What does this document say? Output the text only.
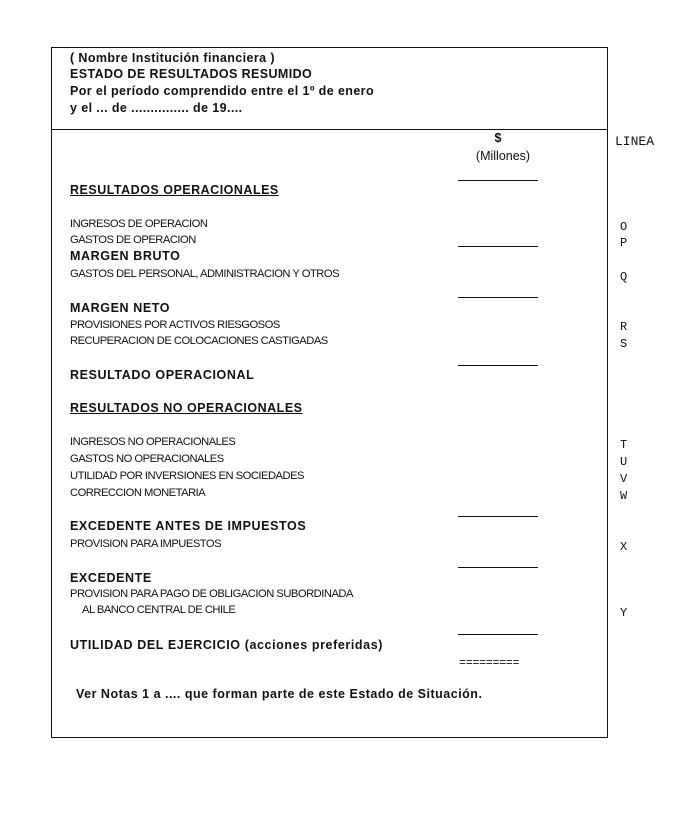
( Nombre Institución financiera )
ESTADO DE RESULTADOS RESUMIDO
Por el período comprendido entre el 1º de enero
y el ... de ............... de 19....
$
(Millones)
LINEA
RESULTADOS OPERACIONALES
INGRESOS DE OPERACION
GASTOS DE OPERACION
MARGEN BRUTO
GASTOS DEL PERSONAL, ADMINISTRACION Y OTROS
MARGEN NETO
PROVISIONES POR ACTIVOS RIESGOSOS
RECUPERACION DE COLOCACIONES CASTIGADAS
RESULTADO OPERACIONAL
RESULTADOS NO OPERACIONALES
INGRESOS NO OPERACIONALES
GASTOS NO OPERACIONALES
UTILIDAD POR INVERSIONES EN SOCIEDADES
CORRECCION MONETARIA
EXCEDENTE ANTES DE IMPUESTOS
PROVISION PARA IMPUESTOS
EXCEDENTE
PROVISION PARA PAGO DE OBLIGACION SUBORDINADA
AL BANCO CENTRAL DE CHILE
UTILIDAD DEL EJERCICIO (acciones preferidas)
=========
O
P
Q
R
S
T
U
V
W
X
Y
Ver Notas 1 a .... que forman parte de este Estado de Situación.
